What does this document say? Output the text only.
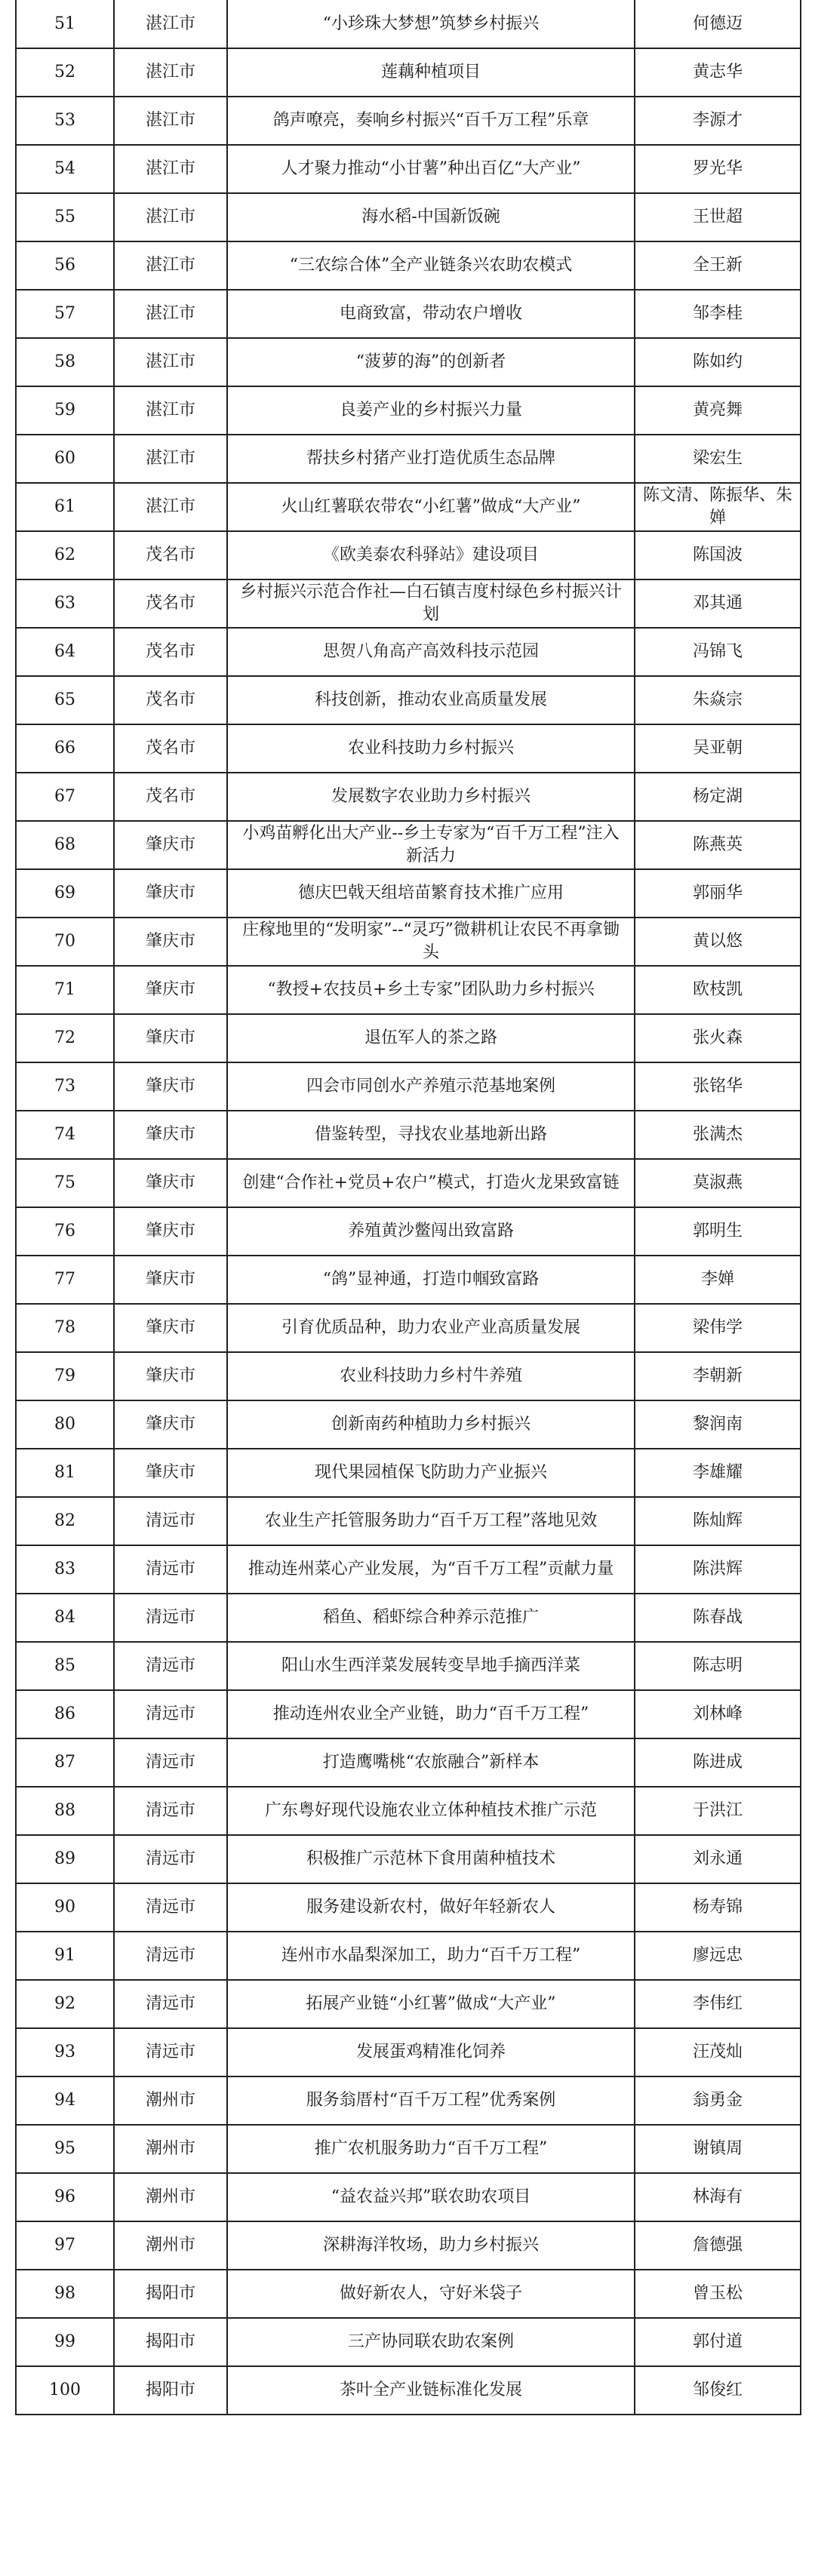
51	湛江市	“小珍珠大梦想”筑梦乡村振兴	何德迈
52	湛江市	莲藕种植项目	黄志华
53	湛江市	鸽声嘹亮，奏响乡村振兴“百千万工程”乐章	李源才
54	湛江市	人才聚力推动“小甘薯”种出百亿“大产业”	罗光华
55	湛江市	海水稻-中国新饭碗	王世超
56	湛江市	“三农综合体”全产业链条兴农助农模式	全王新
57	湛江市	电商致富，带动农户增收	邹李桂
58	湛江市	“菠萝的海”的创新者	陈如约
59	湛江市	良姜产业的乡村振兴力量	黄亮舞
60	湛江市	帮扶乡村猪产业打造优质生态品牌	梁宏生
61	湛江市	火山红薯联农带农“小红薯”做成“大产业”	陈文清、陈振华、朱婵
62	茂名市	《欧美泰农科驿站》建设项目	陈国波
63	茂名市	乡村振兴示范合作社—白石镇吉度村绿色乡村振兴计划	邓其通
64	茂名市	思贺八角高产高效科技示范园	冯锦飞
65	茂名市	科技创新，推动农业高质量发展	朱焱宗
66	茂名市	农业科技助力乡村振兴	吴亚朝
67	茂名市	发展数字农业助力乡村振兴	杨定湖
68	肇庆市	小鸡苗孵化出大产业--乡土专家为“百千万工程”注入新活力	陈燕英
69	肇庆市	德庆巴戟天组培苗繁育技术推广应用	郭丽华
70	肇庆市	庄稼地里的“发明家”--“灵巧”微耕机让农民不再拿锄头	黄以悠
71	肇庆市	“教授+农技员+乡土专家”团队助力乡村振兴	欧枝凯
72	肇庆市	退伍军人的茶之路	张火森
73	肇庆市	四会市同创水产养殖示范基地案例	张铭华
74	肇庆市	借鉴转型，寻找农业基地新出路	张满杰
75	肇庆市	创建“合作社+党员+农户”模式，打造火龙果致富链	莫淑燕
76	肇庆市	养殖黄沙鳖闯出致富路	郭明生
77	肇庆市	“鸽”显神通，打造巾帼致富路	李婵
78	肇庆市	引育优质品种，助力农业产业高质量发展	梁伟学
79	肇庆市	农业科技助力乡村牛养殖	李朝新
80	肇庆市	创新南药种植助力乡村振兴	黎润南
81	肇庆市	现代果园植保飞防助力产业振兴	李雄耀
82	清远市	农业生产托管服务助力“百千万工程”落地见效	陈灿辉
83	清远市	推动连州菜心产业发展，为“百千万工程”贡献力量	陈洪辉
84	清远市	稻鱼、稻虾综合种养示范推广	陈春战
85	清远市	阳山水生西洋菜发展转变旱地手摘西洋菜	陈志明
86	清远市	推动连州农业全产业链，助力“百千万工程”	刘林峰
87	清远市	打造鹰嘴桃“农旅融合”新样本	陈进成
88	清远市	广东粤好现代设施农业立体种植技术推广示范	于洪江
89	清远市	积极推广示范林下食用菌种植技术	刘永通
90	清远市	服务建设新农村，做好年轻新农人	杨寿锦
91	清远市	连州市水晶梨深加工，助力“百千万工程”	廖远忠
92	清远市	拓展产业链“小红薯”做成“大产业”	李伟红
93	清远市	发展蛋鸡精准化饲养	汪茂灿
94	潮州市	服务翁厝村“百千万工程”优秀案例	翁勇金
95	潮州市	推广农机服务助力“百千万工程”	谢镇周
96	潮州市	“益农益兴邦”联农助农项目	林海有
97	潮州市	深耕海洋牧场，助力乡村振兴	詹德强
98	揭阳市	做好新农人，守好米袋子	曾玉松
99	揭阳市	三产协同联农助农案例	郭付道
100	揭阳市	茶叶全产业链标准化发展	邹俊红
